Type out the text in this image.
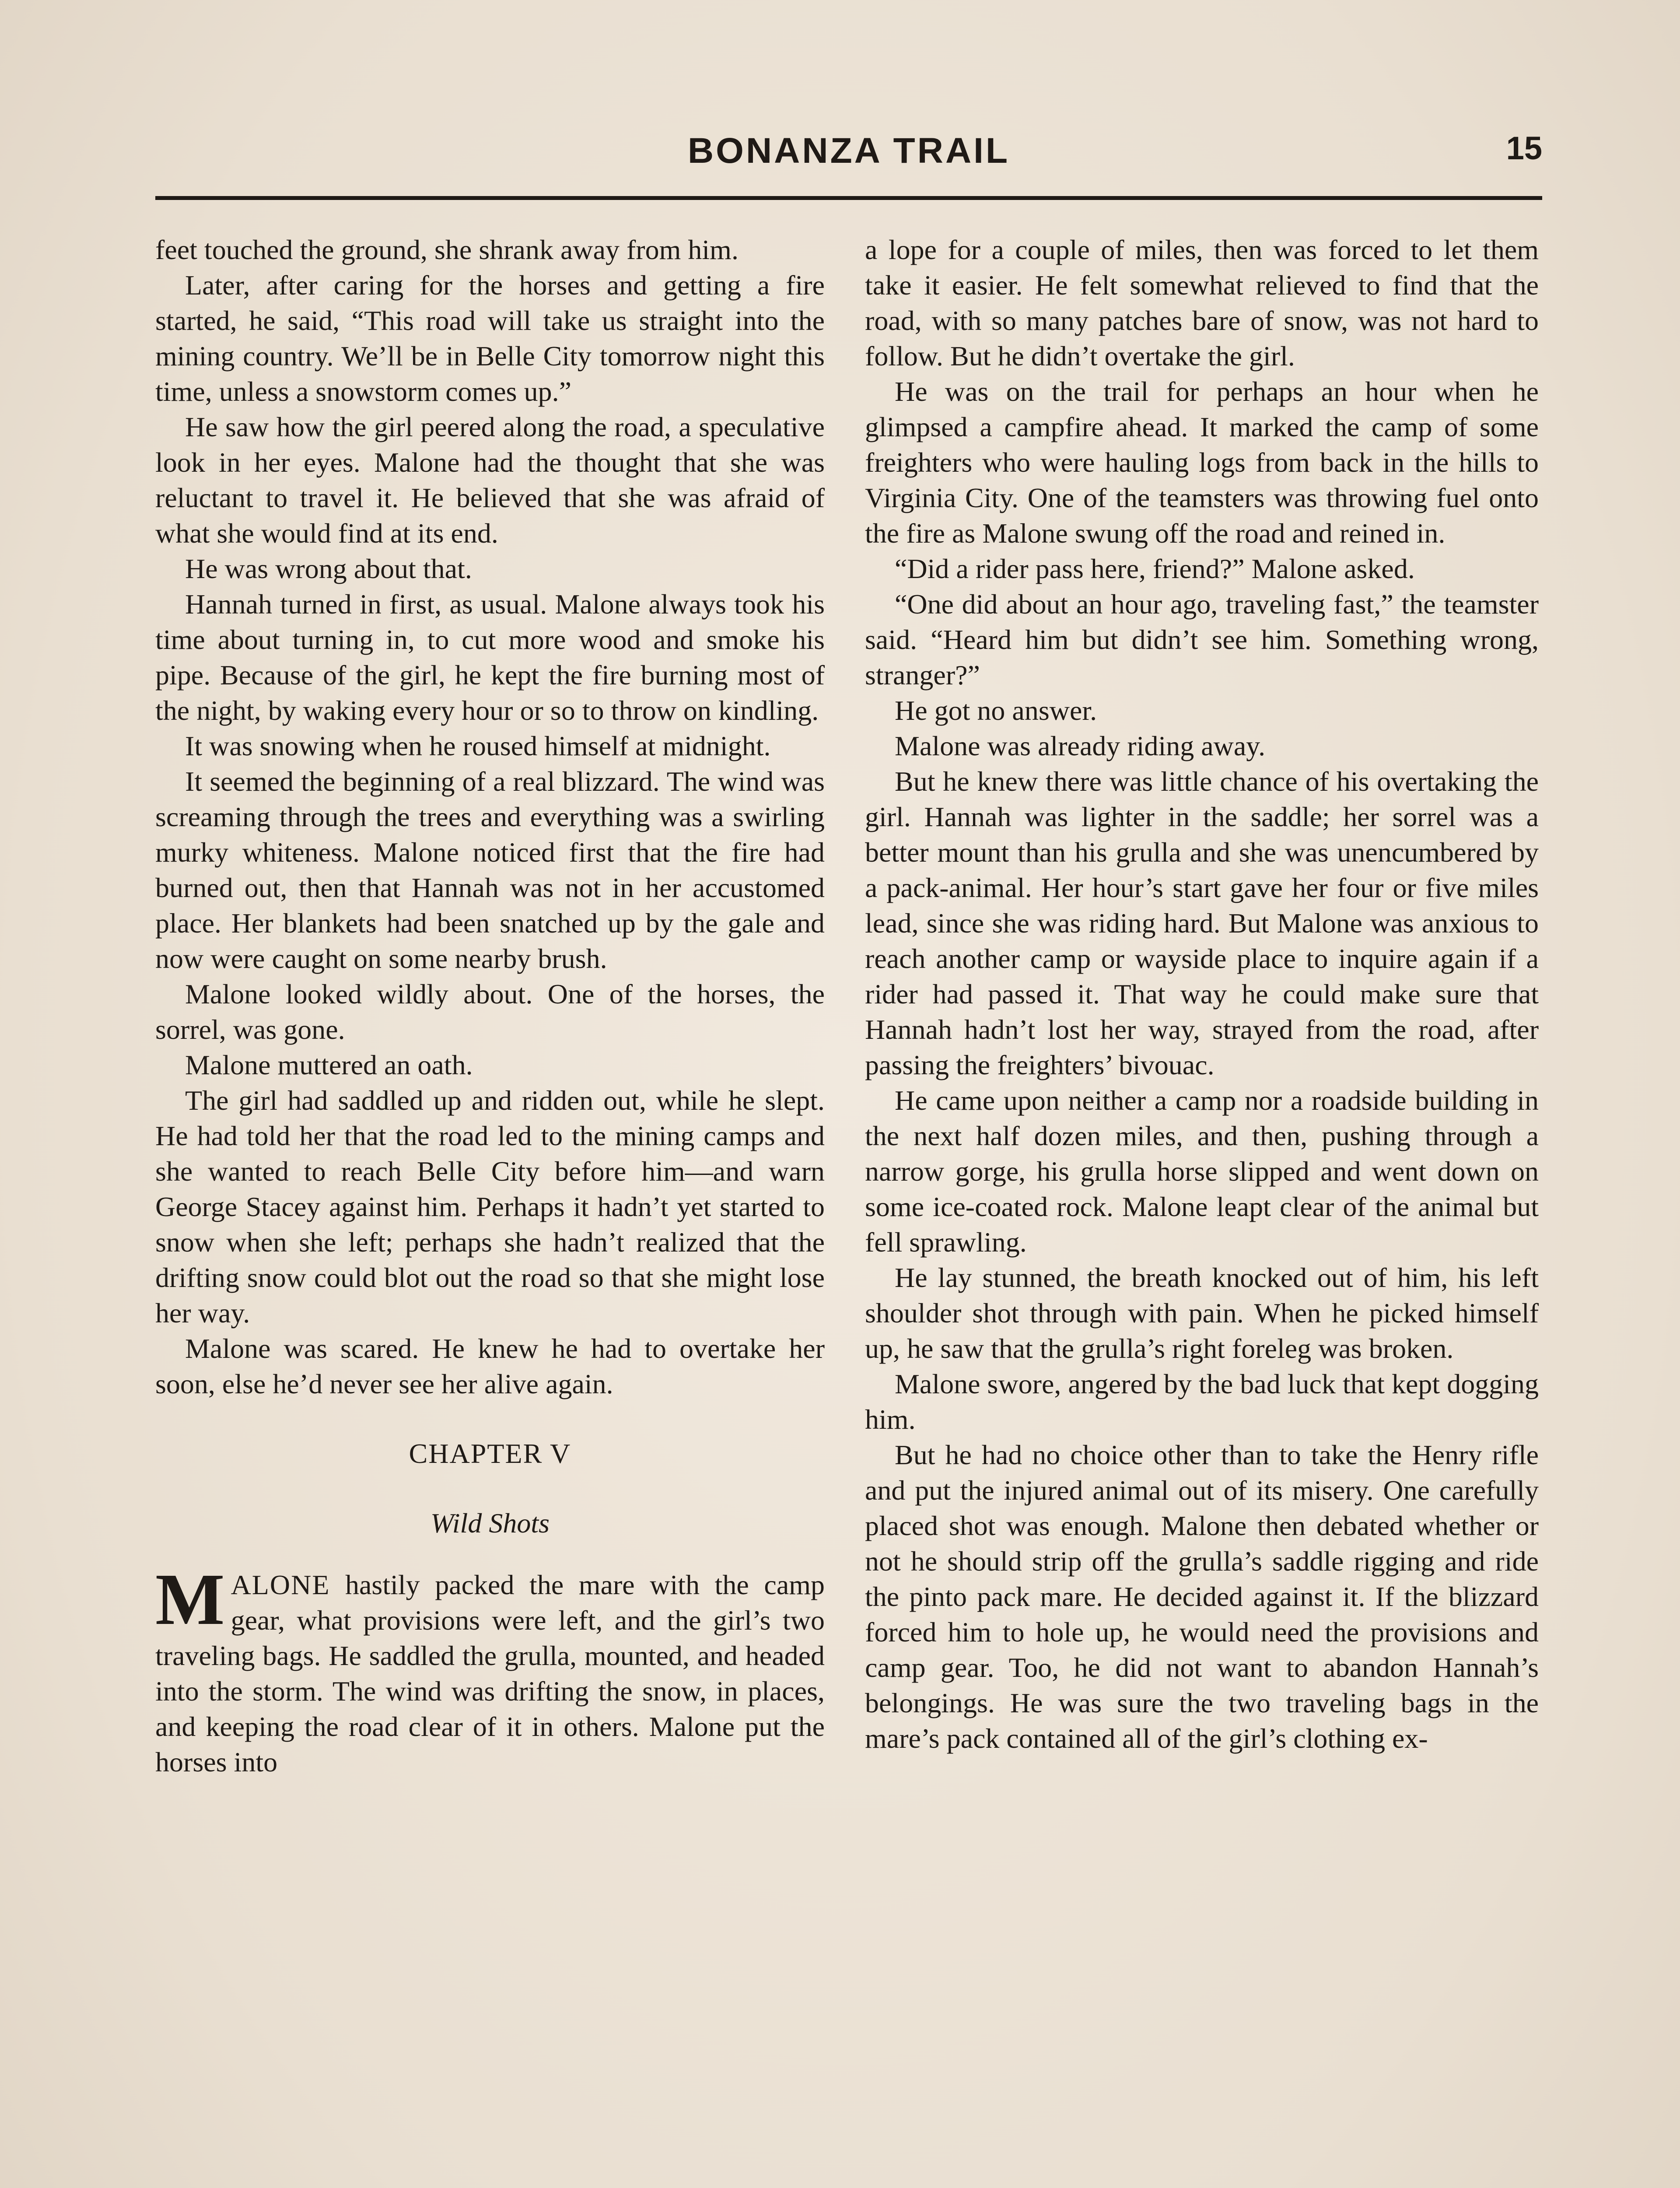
BONANZA TRAIL	15

feet touched the ground, she shrank away from him.

Later, after caring for the horses and getting a fire started, he said, “This road will take us straight into the mining country. We’ll be in Belle City tomorrow night this time, unless a snowstorm comes up.”

He saw how the girl peered along the road, a speculative look in her eyes. Malone had the thought that she was reluctant to travel it. He believed that she was afraid of what she would find at its end.

He was wrong about that.

Hannah turned in first, as usual. Malone always took his time about turning in, to cut more wood and smoke his pipe. Because of the girl, he kept the fire burning most of the night, by waking every hour or so to throw on kindling.

It was snowing when he roused himself at midnight.

It seemed the beginning of a real blizzard. The wind was screaming through the trees and everything was a swirling murky whiteness. Malone noticed first that the fire had burned out, then that Hannah was not in her accustomed place. Her blankets had been snatched up by the gale and now were caught on some nearby brush.

Malone looked wildly about. One of the horses, the sorrel, was gone.

Malone muttered an oath.

The girl had saddled up and ridden out, while he slept. He had told her that the road led to the mining camps and she wanted to reach Belle City before him—and warn George Stacey against him. Perhaps it hadn’t yet started to snow when she left; perhaps she hadn’t realized that the drifting snow could blot out the road so that she might lose her way.

Malone was scared. He knew he had to overtake her soon, else he’d never see her alive again.

CHAPTER V
Wild Shots

MALONE hastily packed the mare with the camp gear, what provisions were left, and the girl’s two traveling bags. He saddled the grulla, mounted, and headed into the storm. The wind was drifting the snow, in places, and keeping the road clear of it in others. Malone put the horses into

a lope for a couple of miles, then was forced to let them take it easier. He felt somewhat relieved to find that the road, with so many patches bare of snow, was not hard to follow. But he didn’t overtake the girl.

He was on the trail for perhaps an hour when he glimpsed a campfire ahead. It marked the camp of some freighters who were hauling logs from back in the hills to Virginia City. One of the teamsters was throwing fuel onto the fire as Malone swung off the road and reined in.

“Did a rider pass here, friend?” Malone asked.

“One did about an hour ago, traveling fast,” the teamster said. “Heard him but didn’t see him. Something wrong, stranger?”

He got no answer.

Malone was already riding away.

But he knew there was little chance of his overtaking the girl. Hannah was lighter in the saddle; her sorrel was a better mount than his grulla and she was unencumbered by a pack-animal. Her hour’s start gave her four or five miles lead, since she was riding hard. But Malone was anxious to reach another camp or wayside place to inquire again if a rider had passed it. That way he could make sure that Hannah hadn’t lost her way, strayed from the road, after passing the freighters’ bivouac.

He came upon neither a camp nor a roadside building in the next half dozen miles, and then, pushing through a narrow gorge, his grulla horse slipped and went down on some ice-coated rock. Malone leapt clear of the animal but fell sprawling.

He lay stunned, the breath knocked out of him, his left shoulder shot through with pain. When he picked himself up, he saw that the grulla’s right foreleg was broken.

Malone swore, angered by the bad luck that kept dogging him.

But he had no choice other than to take the Henry rifle and put the injured animal out of its misery. One carefully placed shot was enough. Malone then debated whether or not he should strip off the grulla’s saddle rigging and ride the pinto pack mare. He decided against it. If the blizzard forced him to hole up, he would need the provisions and camp gear. Too, he did not want to abandon Hannah’s belongings. He was sure the two traveling bags in the mare’s pack contained all of the girl’s clothing ex-
